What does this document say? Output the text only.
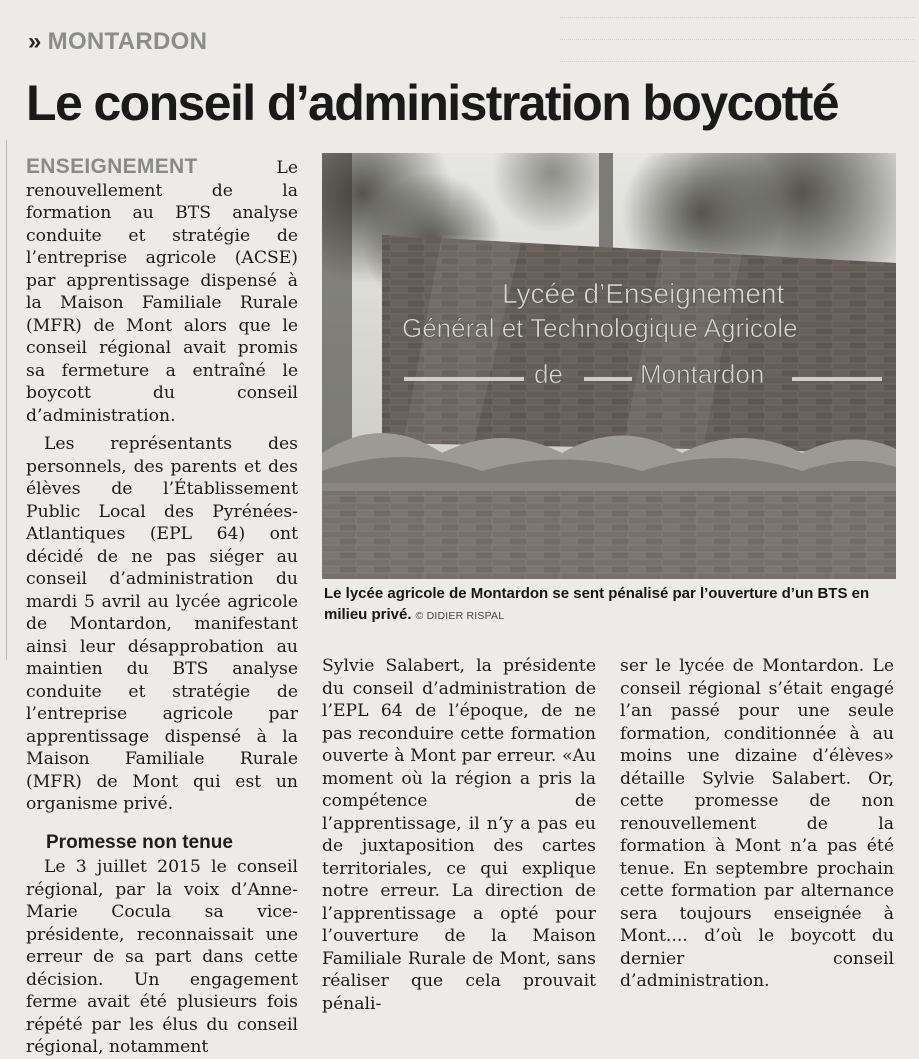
» MONTARDON
Le conseil d’administration boycotté

ENSEIGNEMENT	Le renouvellement de la formation au BTS analyse conduite et stratégie de l’entreprise agricole (ACSE) par apprentissage dispensé à la Maison Familiale Rurale (MFR) de Mont alors que le conseil régional avait promis sa fermeture a entraîné le boycott du conseil d’administration.

Les représentants des personnels, des parents et des élèves de l’Établissement Public Local des Pyrénées-Atlantiques (EPL 64) ont décidé de ne pas siéger au conseil d’administration du mardi 5 avril au lycée agricole de Montardon, manifestant ainsi leur désapprobation au maintien du BTS analyse conduite et stratégie de l’entreprise agricole par apprentissage dispensé à la Maison Familiale Rurale (MFR) de Mont qui est un organisme privé.

Promesse non tenue

Le 3 juillet 2015 le conseil régional, par la voix d’Anne-Marie Cocula sa vice-présidente, reconnaissait une erreur de sa part dans cette décision. Un engagement ferme avait été plusieurs fois répété par les élus du conseil régional, notamment

Lycée d’Enseignement
Général et Technologique Agricole
de	Montardon
Le lycée agricole de Montardon se sent pénalisé par l’ouverture d’un BTS en milieu privé. © DIDIER RISPAL

Sylvie Salabert, la présidente du conseil d’administration de l’EPL 64 de l’époque, de ne pas reconduire cette formation ouverte à Mont par erreur. «Au moment où la région a pris la compétence de l’apprentissage, il n’y a pas eu de juxtaposition des cartes territoriales, ce qui explique notre erreur. La direction de l’apprentissage a opté pour l’ouverture de la Maison Familiale Rurale de Mont, sans réaliser que cela prouvait pénali-

ser le lycée de Montardon. Le conseil régional s’était engagé l’an passé pour une seule formation, conditionnée à au moins une dizaine d’élèves» détaille Sylvie Salabert. Or, cette promesse de non renouvellement de la formation à Mont n’a pas été tenue. En septembre prochain cette formation par alternance sera toujours enseignée à Mont.... d’où le boycott du dernier conseil d’administration.
